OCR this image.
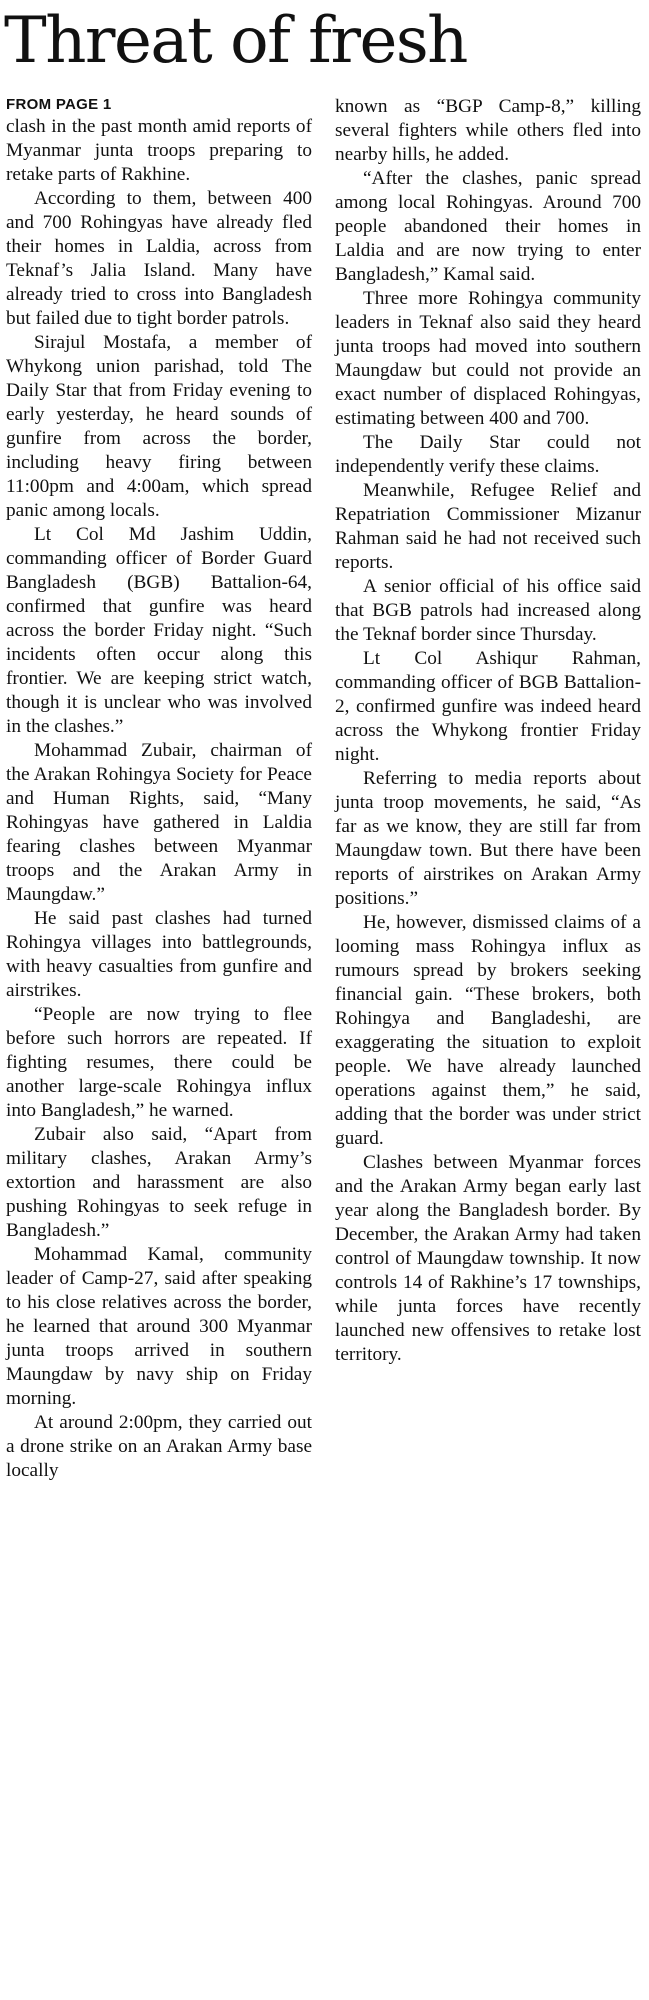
Threat of fresh
FROM PAGE 1

clash in the past month amid reports of Myanmar junta troops preparing to retake parts of Rakhine.

According to them, between 400 and 700 Rohingyas have already fled their homes in Laldia, across from Teknaf’s Jalia Island. Many have already tried to cross into Bangladesh but failed due to tight border patrols.

Sirajul Mostafa, a member of Whykong union parishad, told The Daily Star that from Friday evening to early yesterday, he heard sounds of gunfire from across the border, including heavy firing between 11:00pm and 4:00am, which spread panic among locals.

Lt Col Md Jashim Uddin, commanding officer of Border Guard Bangladesh (BGB) Battalion-64, confirmed that gunfire was heard across the border Friday night. “Such incidents often occur along this frontier. We are keeping strict watch, though it is unclear who was involved in the clashes.”

Mohammad Zubair, chairman of the Arakan Rohingya Society for Peace and Human Rights, said, “Many Rohingyas have gathered in Laldia fearing clashes between Myanmar troops and the Arakan Army in Maungdaw.”

He said past clashes had turned Rohingya villages into battlegrounds, with heavy casualties from gunfire and airstrikes.

“People are now trying to flee before such horrors are repeated. If fighting resumes, there could be another large-scale Rohingya influx into Bangladesh,” he warned.

Zubair also said, “Apart from military clashes, Arakan Army’s extortion and harassment are also pushing Rohingyas to seek refuge in Bangladesh.”

Mohammad Kamal, community leader of Camp-27, said after speaking to his close relatives across the border, he learned that around 300 Myanmar junta troops arrived in southern Maungdaw by navy ship on Friday morning.

At around 2:00pm, they carried out a drone strike on an Arakan Army base locally

known as “BGP Camp-8,” killing several fighters while others fled into nearby hills, he added.

“After the clashes, panic spread among local Rohingyas. Around 700 people abandoned their homes in Laldia and are now trying to enter Bangladesh,” Kamal said.

Three more Rohingya community leaders in Teknaf also said they heard junta troops had moved into southern Maungdaw but could not provide an exact number of displaced Rohingyas, estimating between 400 and 700.

The Daily Star could not independently verify these claims.

Meanwhile, Refugee Relief and Repatriation Commissioner Mizanur Rahman said he had not received such reports.

A senior official of his office said that BGB patrols had increased along the Teknaf border since Thursday.

Lt Col Ashiqur Rahman, commanding officer of BGB Battalion-2, confirmed gunfire was indeed heard across the Whykong frontier Friday night.

Referring to media reports about junta troop movements, he said, “As far as we know, they are still far from Maungdaw town. But there have been reports of airstrikes on Arakan Army positions.”

He, however, dismissed claims of a looming mass Rohingya influx as rumours spread by brokers seeking financial gain. “These brokers, both Rohingya and Bangladeshi, are exaggerating the situation to exploit people. We have already launched operations against them,” he said, adding that the border was under strict guard.

Clashes between Myanmar forces and the Arakan Army began early last year along the Bangladesh border. By December, the Arakan Army had taken control of Maungdaw township. It now controls 14 of Rakhine’s 17 townships, while junta forces have recently launched new offensives to retake lost territory.
